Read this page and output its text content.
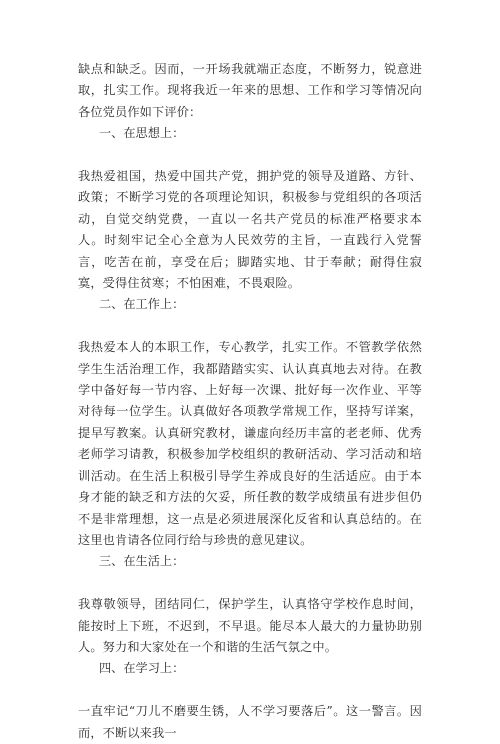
缺点和缺乏。因而，一开场我就端正态度，不断努力，锐意进取，扎实工作。现将我近一年来的思想、工作和学习等情况向各位党员作如下评价：

一、在思想上：

我热爱祖国，热爱中国共产党，拥护党的领导及道路、方针、政策；不断学习党的各项理论知识，积极参与党组织的各项活动，自觉交纳党费，一直以一名共产党员的标准严格要求本人。时刻牢记全心全意为人民效劳的主旨，一直践行入党誓言，吃苦在前，享受在后；脚踏实地、甘于奉献；耐得住寂寞，受得住贫寒；不怕困难，不畏艰险。

二、在工作上：

我热爱本人的本职工作，专心教学，扎实工作。不管教学依然学生生活治理工作，我都踏踏实实、认认真真地去对待。在教学中备好每一节内容、上好每一次课、批好每一次作业、平等对待每一位学生。认真做好各项教学常规工作，坚持写详案，提早写教案。认真研究教材，谦虚向经历丰富的老老师、优秀老师学习请教，积极参加学校组织的教研活动、学习活动和培训活动。在生活上积极引导学生养成良好的生活适应。由于本身才能的缺乏和方法的欠妥，所任教的数学成绩虽有进步但仍不是非常理想，这一点是必须进展深化反省和认真总结的。在这里也肯请各位同行给与珍贵的意见建议。

三、在生活上：

我尊敬领导，团结同仁，保护学生，认真恪守学校作息时间，能按时上下班，不迟到，不早退。能尽本人最大的力量协助别人。努力和大家处在一个和谐的生活气氛之中。

四、在学习上：

一直牢记“刀儿不磨要生锈，人不学习要落后”。这一警言。因而，不断以来我一
